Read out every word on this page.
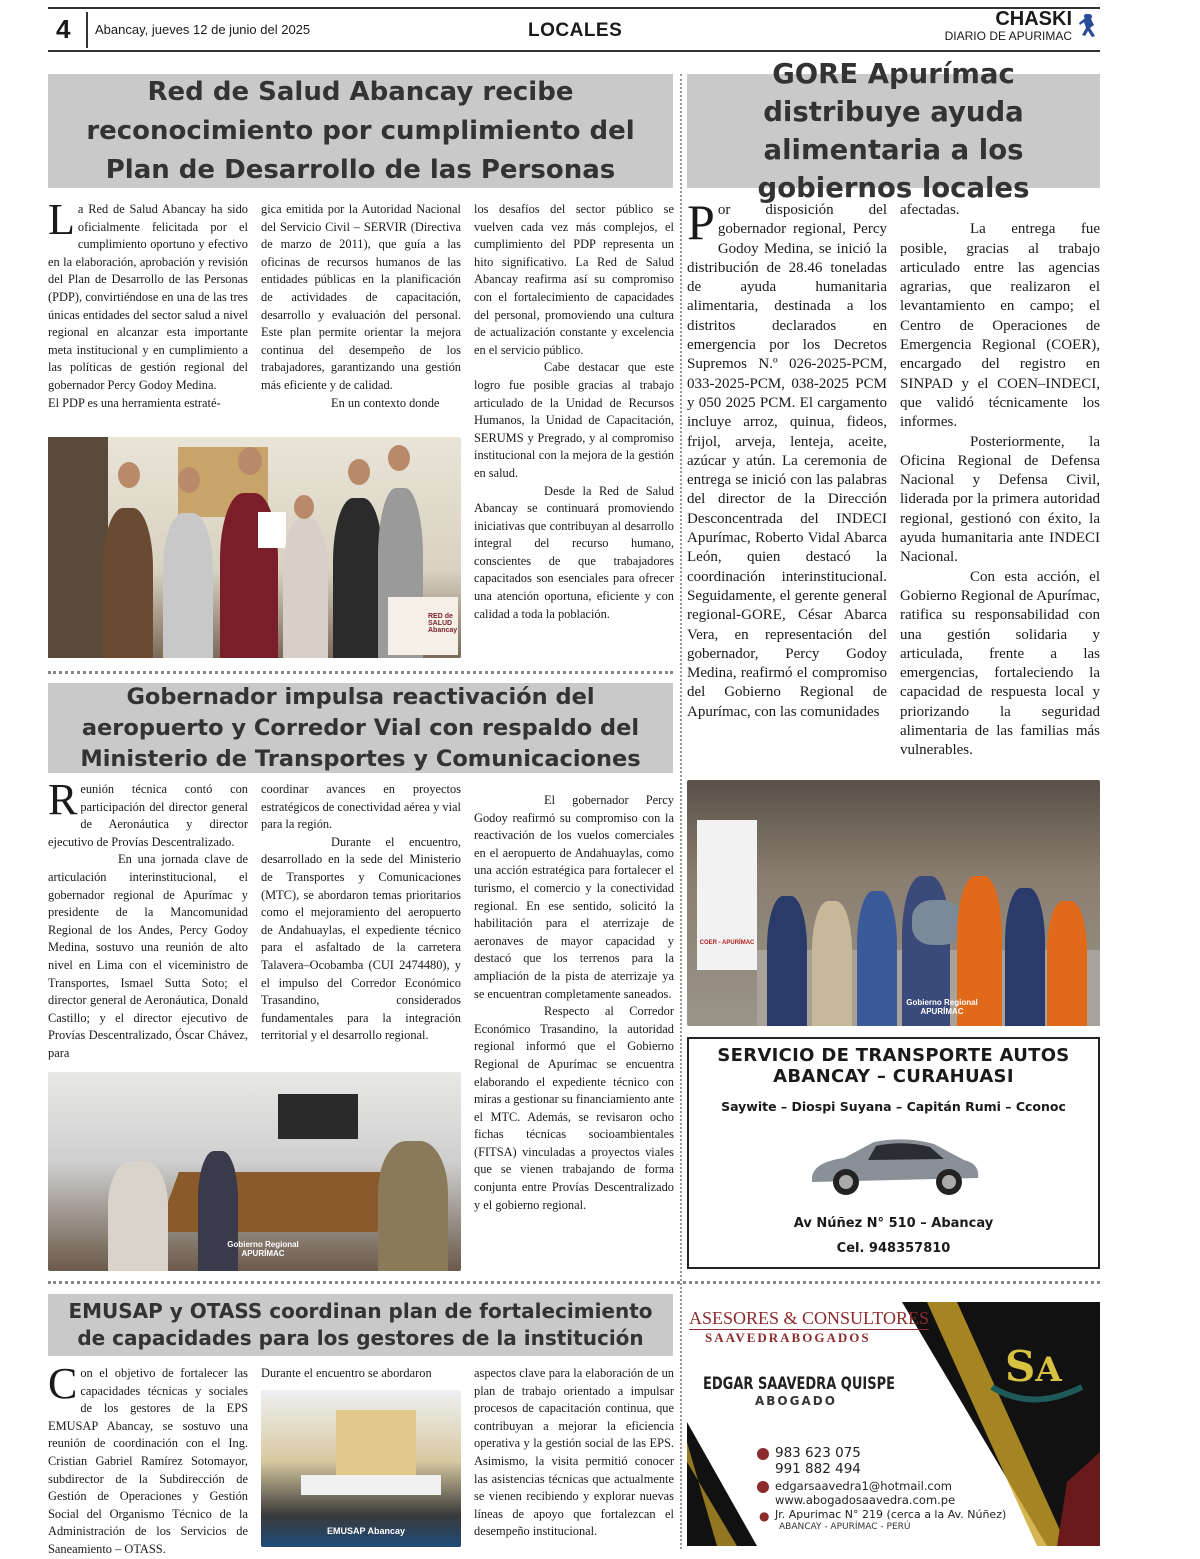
4 Abancay, jueves 12 de junio del 2025	LOCALES
CHASKI
DIARIO DE APURIMAC
Red de Salud Abancay recibe reconocimiento por cumplimiento del Plan de Desarrollo de las Personas
L a Red de Salud Abancay ha sido oficialmente felicitada por el cumplimiento oportuno y efectivo en la elaboración, aprobación y revisión del Plan de Desarrollo de las Personas (PDP), convirtiéndose en una de las tres únicas entidades del sector salud a nivel regional en alcanzar esta importante meta institucional y en cumplimiento a las políticas de gestión regional del gobernador Percy Godoy Medina.

El PDP es una herramienta estraté-

gica emitida por la Autoridad Nacional del Servicio Civil – SERVIR (Directiva de marzo de 2011), que guía a las oficinas de recursos humanos de las entidades públicas en la planificación de actividades de capacitación, desarrollo y evaluación del personal. Este plan permite orientar la mejora continua del desempeño de los trabajadores, garantizando una gestión más eficiente y de calidad.

En un contexto donde

los desafíos del sector público se vuelven cada vez más complejos, el cumplimiento del PDP representa un hito significativo. La Red de Salud Abancay reafirma así su compromiso con el fortalecimiento de capacidades del personal, promoviendo una cultura de actualización constante y excelencia en el servicio público.

Cabe destacar que este logro fue posible gracias al trabajo articulado de la Unidad de Recursos Humanos, la Unidad de Capacitación, SERUMS y Pregrado, y al compromiso institucional con la mejora de la gestión en salud.

Desde la Red de Salud Abancay se continuará promoviendo iniciativas que contribuyan al desarrollo integral del recurso humano, conscientes de que trabajadores capacitados son esenciales para ofrecer una atención oportuna, eficiente y con calidad a toda la población.

RED de SALUD Abancay
Gobernador impulsa reactivación del aeropuerto y Corredor Vial con respaldo del Ministerio de Transportes y Comunicaciones
R eunión técnica contó con participación del director general de Aeronáutica y director ejecutivo de Provías Descentralizado.

En una jornada clave de articulación interinstitucional, el gobernador regional de Apurímac y presidente de la Mancomunidad Regional de los Andes, Percy Godoy Medina, sostuvo una reunión de alto nivel en Lima con el viceministro de Transportes, Ismael Sutta Soto; el director general de Aeronáutica, Donald Castillo; y el director ejecutivo de Provías Descentralizado, Óscar Chávez, para

coordinar avances en proyectos estratégicos de conectividad aérea y vial para la región.

Durante el encuentro, desarrollado en la sede del Ministerio de Transportes y Comunicaciones (MTC), se abordaron temas prioritarios como el mejoramiento del aeropuerto de Andahuaylas, el expediente técnico para el asfaltado de la carretera Talavera–Ocobamba (CUI 2474480), y el impulso del Corredor Económico Trasandino, considerados fundamentales para la integración territorial y el desarrollo regional.

El gobernador Percy Godoy reafirmó su compromiso con la reactivación de los vuelos comerciales en el aeropuerto de Andahuaylas, como una acción estratégica para fortalecer el turismo, el comercio y la conectividad regional. En ese sentido, solicitó la habilitación para el aterrizaje de aeronaves de mayor capacidad y destacó que los terrenos para la ampliación de la pista de aterrizaje ya se encuentran completamente saneados.

Respecto al Corredor Económico Trasandino, la autoridad regional informó que el Gobierno Regional de Apurímac se encuentra elaborando el expediente técnico con miras a gestionar su financiamiento ante el MTC. Además, se revisaron ocho fichas técnicas socioambientales (FITSA) vinculadas a proyectos viales que se vienen trabajando de forma conjunta entre Provías Descentralizado y el gobierno regional.

Gobierno Regional APURÍMAC
EMUSAP y OTASS coordinan plan de fortalecimiento de capacidades para los gestores de la institución
C on el objetivo de fortalecer las capacidades técnicas y sociales de los gestores de la EPS EMUSAP Abancay, se sostuvo una reunión de coordinación con el Ing. Cristian Gabriel Ramírez Sotomayor, subdirector de la Subdirección de Gestión de Operaciones y Gestión Social del Organismo Técnico de la Administración de los Servicios de Saneamiento – OTASS.

Durante el encuentro se abordaron

EMUSAP Abancay

aspectos clave para la elaboración de un plan de trabajo orientado a impulsar procesos de capacitación continua, que contribuyan a mejorar la eficiencia operativa y la gestión social de las EPS. Asimismo, la visita permitió conocer las asistencias técnicas que actualmente se vienen recibiendo y explorar nuevas líneas de apoyo que fortalezcan el desempeño institucional.

GORE Apurímac distribuye ayuda alimentaria a los gobiernos locales
P or disposición del gobernador regional, Percy Godoy Medina, se inició la distribución de 28.46 toneladas de ayuda humanitaria alimentaria, destinada a los distritos declarados en emergencia por los Decretos Supremos N.º 026-2025-PCM, 033-2025-PCM, 038-2025 PCM y 050 2025 PCM. El cargamento incluye arroz, quinua, fideos, frijol, arveja, lenteja, aceite, azúcar y atún. La ceremonia de entrega se inició con las palabras del director de la Dirección Desconcentrada del INDECI Apurímac, Roberto Vidal Abarca León, quien destacó la coordinación interinstitucional. Seguidamente, el gerente general regional-GORE, César Abarca Vera, en representación del gobernador, Percy Godoy Medina, reafirmó el compromiso del Gobierno Regional de Apurímac, con las comunidades

afectadas.

La entrega fue posible, gracias al trabajo articulado entre las agencias agrarias, que realizaron el levantamiento en campo; el Centro de Operaciones de Emergencia Regional (COER), encargado del registro en SINPAD y el COEN–INDECI, que validó técnicamente los informes.

Posteriormente, la Oficina Regional de Defensa Nacional y Defensa Civil, liderada por la primera autoridad regional, gestionó con éxito, la ayuda humanitaria ante INDECI Nacional.

Con esta acción, el Gobierno Regional de Apurímac, ratifica su responsabilidad con una gestión solidaria y articulada, frente a las emergencias, fortaleciendo la capacidad de respuesta local y priorizando la seguridad alimentaria de las familias más vulnerables.

COER - APURÍMAC
Gobierno Regional APURÍMAC
SERVICIO DE TRANSPORTE AUTOS
ABANCAY – CURAHUASI
Saywite – Diospi Suyana – Capitán Rumi – Cconoc
Av Núñez N° 510 – Abancay
Cel. 948357810
SA
ASESORES & CONSULTORES
SAAVEDRABOGADOS
EDGAR SAAVEDRA QUISPE
ABOGADO
983 623 075
991 882 494
edgarsaavedra1@hotmail.com
www.abogadosaavedra.com.pe
● Jr. Apurimac N° 219 (cerca a la Av. Núñez)
ABANCAY - APURÍMAC - PERÚ
